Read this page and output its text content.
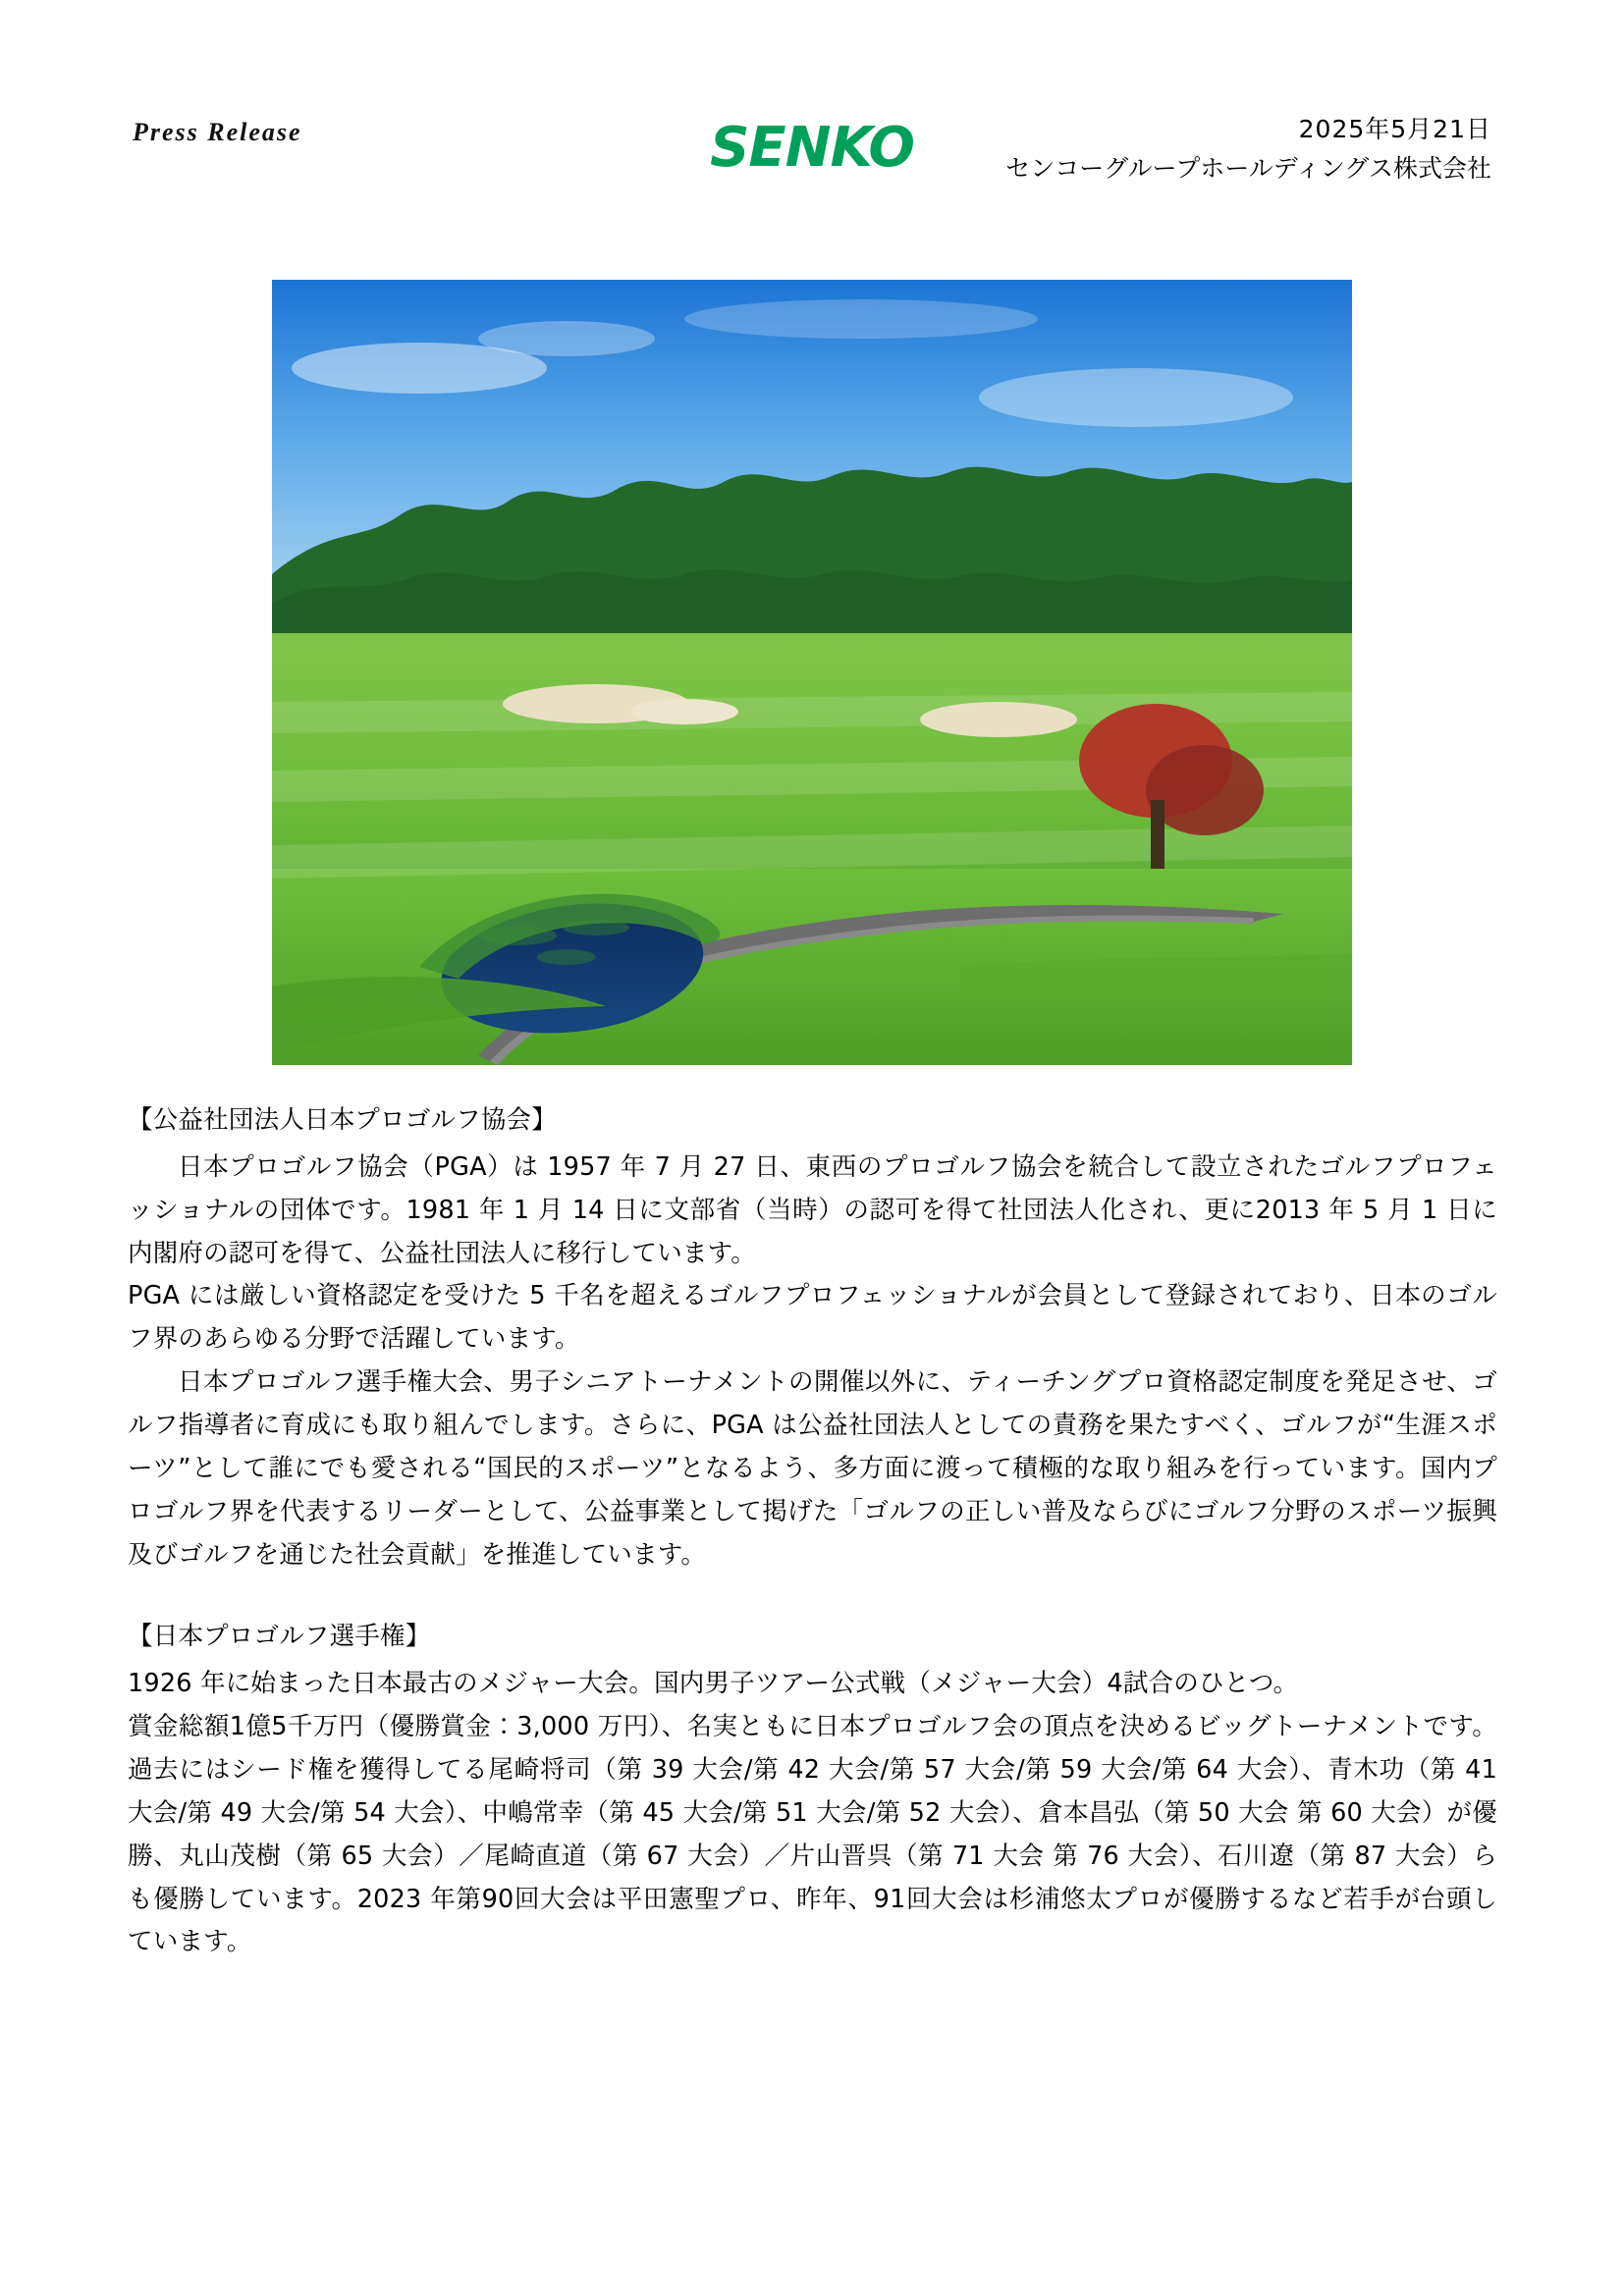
Press Release	SENKO	2025年5月21日
センコーグループホールディングス株式会社

【公益社団法人日本プロゴルフ協会】

日本プロゴルフ協会（PGA）は 1957 年 7 月 27 日、東西のプロゴルフ協会を統合して設立されたゴルフプロフェッショナルの団体です。1981 年 1 月 14 日に文部省（当時）の認可を得て社団法人化され、更に2013 年 5 月 1 日に内閣府の認可を得て、公益社団法人に移行しています。

PGA には厳しい資格認定を受けた 5 千名を超えるゴルフプロフェッショナルが会員として登録されており、日本のゴルフ界のあらゆる分野で活躍しています。

日本プロゴルフ選手権大会、男子シニアトーナメントの開催以外に、ティーチングプロ資格認定制度を発足させ、ゴルフ指導者に育成にも取り組んでします。さらに、PGA は公益社団法人としての責務を果たすべく、ゴルフが“生涯スポーツ”として誰にでも愛される“国民的スポーツ”となるよう、多方面に渡って積極的な取り組みを行っています。国内プロゴルフ界を代表するリーダーとして、公益事業として掲げた「ゴルフの正しい普及ならびにゴルフ分野のスポーツ振興及びゴルフを通じた社会貢献」を推進しています。

【日本プロゴルフ選手権】

1926 年に始まった日本最古のメジャー大会。国内男子ツアー公式戦（メジャー大会）4試合のひとつ。

賞金総額1億5千万円（優勝賞金：3,000 万円）、名実ともに日本プロゴルフ会の頂点を決めるビッグトーナメントです。過去にはシード権を獲得してる尾崎将司（第 39 大会/第 42 大会/第 57 大会/第 59 大会/第 64 大会）、青木功（第 41 大会/第 49 大会/第 54 大会）、中嶋常幸（第 45 大会/第 51 大会/第 52 大会）、倉本昌弘（第 50 大会 第 60 大会）が優勝、丸山茂樹（第 65 大会）／尾崎直道（第 67 大会）／片山晋呉（第 71 大会 第 76 大会）、石川遼（第 87 大会）らも優勝しています。2023 年第90回大会は平田憲聖プロ、昨年、91回大会は杉浦悠太プロが優勝するなど若手が台頭しています。
